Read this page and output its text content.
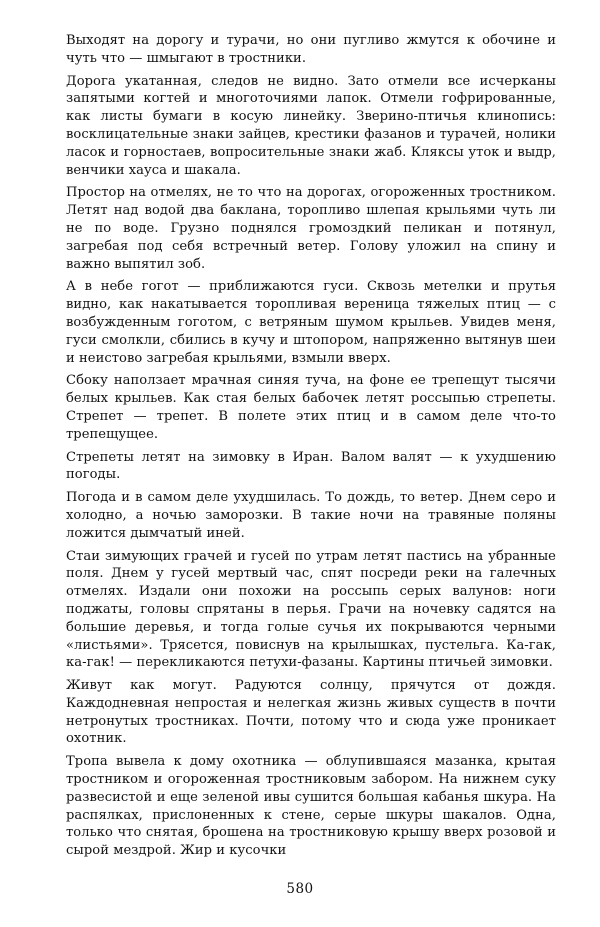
Выходят на дорогу и турачи, но они пугливо жмутся к обочине и чуть что — шмыгают в тростники.

Дорога укатанная, следов не видно. Зато отмели все исчерканы запятыми когтей и многоточиями лапок. Отмели гофрированные, как листы бумаги в косую линейку. Зверино-птичья клинопись: восклицательные знаки зайцев, крестики фазанов и турачей, нолики ласок и горностаев, вопросительные знаки жаб. Кляксы уток и выдр, венчики хауса и шакала.

Простор на отмелях, не то что на дорогах, огороженных тростником. Летят над водой два баклана, торопливо шлепая крыльями чуть ли не по воде. Грузно поднялся громоздкий пеликан и потянул, загребая под себя встречный ветер. Голову уложил на спину и важно выпятил зоб.

А в небе гогот — приближаются гуси. Сквозь метелки и прутья видно, как накатывается торопливая вереница тяжелых птиц — с возбужденным гоготом, с ветряным шумом крыльев. Увидев меня, гуси смолкли, сбились в кучу и штопором, напряженно вытянув шеи и неистово загребая крыльями, взмыли вверх.

Сбоку наползает мрачная синяя туча, на фоне ее трепещут тысячи белых крыльев. Как стая белых бабочек летят россыпью стрепеты. Стрепет — трепет. В полете этих птиц и в самом деле что-то трепещущее.

Стрепеты летят на зимовку в Иран. Валом валят — к ухудшению погоды.

Погода и в самом деле ухудшилась. То дождь, то ветер. Днем серо и холодно, а ночью заморозки. В такие ночи на травяные поляны ложится дымчатый иней.

Стаи зимующих грачей и гусей по утрам летят пастись на убранные поля. Днем у гусей мертвый час, спят посреди реки на галечных отмелях. Издали они похожи на россыпь серых валунов: ноги поджаты, головы спрятаны в перья. Грачи на ночевку садятся на большие деревья, и тогда голые сучья их покрываются черными «листьями». Трясется, повиснув на крылышках, пустельга. Ка-гак, ка-гак! — перекликаются петухи-фазаны. Картины птичьей зимовки.

Живут как могут. Радуются солнцу, прячутся от дождя. Каждодневная непростая и нелегкая жизнь живых существ в почти нетронутых тростниках. Почти, потому что и сюда уже проникает охотник.

Тропа вывела к дому охотника — облупившаяся мазанка, крытая тростником и огороженная тростниковым забором. На нижнем суку развесистой и еще зеленой ивы сушится большая кабанья шкура. На распялках, прислоненных к стене, серые шкуры шакалов. Одна, только что снятая, брошена на тростниковую крышу вверх розовой и сырой мездрой. Жир и кусочки

580
